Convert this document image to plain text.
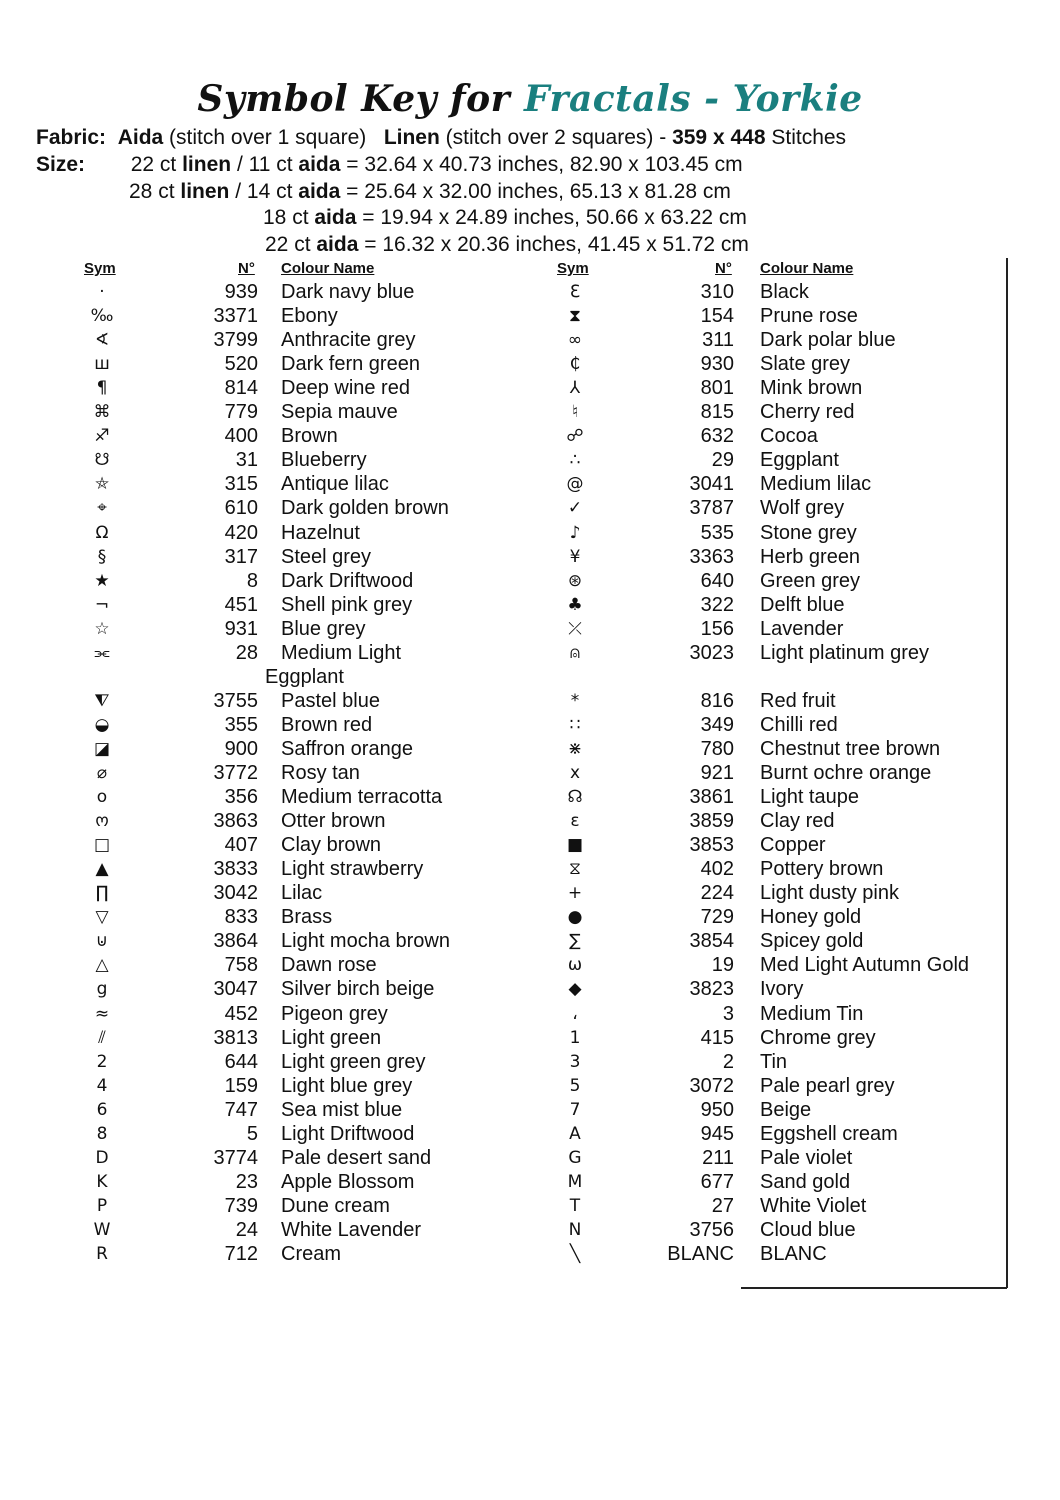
Symbol Key for Fractals - Yorkie
Fabric: Aida (stitch over 1 square) Linen (stitch over 2 squares) - 359 x 448 Stitches
Size: 22 ct linen / 11 ct aida = 32.64 x 40.73 inches, 82.90 x 103.45 cm
28 ct linen / 14 ct aida = 25.64 x 32.00 inches, 65.13 x 81.28 cm
18 ct aida = 19.94 x 24.89 inches, 50.66 x 63.22 cm
22 ct aida = 16.32 x 20.36 inches, 41.45 x 51.72 cm
Sym	N° Colour Name	Sym	N° Colour Name
·	939 Dark navy blue
‰	3371 Ebony
∢	3799 Anthracite grey
ш	520 Dark fern green
¶	814 Deep wine red
⌘	779 Sepia mauve
♐	400 Brown
☋	31 Blueberry
⛤	315 Antique lilac
⌖	610 Dark golden brown
Ω	420 Hazelnut
§	317 Steel grey
★	8 Dark Driftwood
¬	451 Shell pink grey
☆	931 Blue grey
⫘	28 Medium Light
Eggplant
⧨	3755 Pastel blue
◒	355 Brown red
◪	900 Saffron orange
⌀	3772 Rosy tan
o	356 Medium terracotta
ო	3863 Otter brown
□	407 Clay brown
▲	3833 Light strawberry
∏	3042 Lilac
▽	833 Brass
⊍	3864 Light mocha brown
△	758 Dawn rose
g	3047 Silver birch beige
≈	452 Pigeon grey
⫽	3813 Light green
2	644 Light green grey
4	159 Light blue grey
6	747 Sea mist blue
8	5 Light Driftwood
D	3774 Pale desert sand
K	23 Apple Blossom
P	739 Dune cream
W	24 White Lavender
R	712 Cream
ℇ	310 Black
⧗	154 Prune rose
∞	311 Dark polar blue
₵	930 Slate grey
⅄	801 Mink brown
♮	815 Cherry red
☍	632 Cocoa
∴	29 Eggplant
@	3041 Medium lilac
✓	3787 Wolf grey
♪	535 Stone grey
¥	3363 Herb green
⊛	640 Green grey
♣	322 Delft blue
⤫	156 Lavender
⍝	3023 Light platinum grey
*	816 Red fruit
∷	349 Chilli red
⋇	780 Chestnut tree brown
x	921 Burnt ochre orange
☊	3861 Light taupe
ε	3859 Clay red
■	3853 Copper
⧖	402 Pottery brown
+	224 Light dusty pink
●	729 Honey gold
∑	3854 Spicey gold
ω	19 Med Light Autumn Gold
◆	3823 Ivory
،	3 Medium Tin
1	415 Chrome grey
3	2 Tin
5	3072 Pale pearl grey
7	950 Beige
A	945 Eggshell cream
G	211 Pale violet
M	677 Sand gold
T	27 White Violet
N	3756 Cloud blue
╲	BLANC BLANC
